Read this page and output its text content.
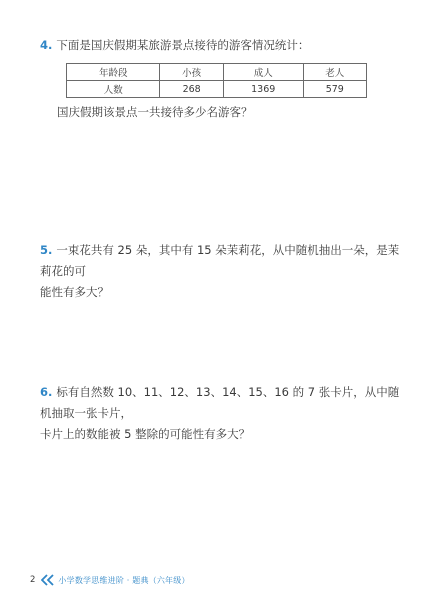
4. 下面是国庆假期某旅游景点接待的游客情况统计：
年龄段	小孩	成人	老人
人数	268	1369	579
国庆假期该景点一共接待多少名游客？
5. 一束花共有 25 朵，其中有 15 朵茉莉花，从中随机抽出一朵，是茉莉花的可
能性有多大？
6. 标有自然数 10、11、12、13、14、15、16 的 7 张卡片，从中随机抽取一张卡片，
卡片上的数能被 5 整除的可能性有多大？
2	小学数学思维进阶 · 题典（六年级）
